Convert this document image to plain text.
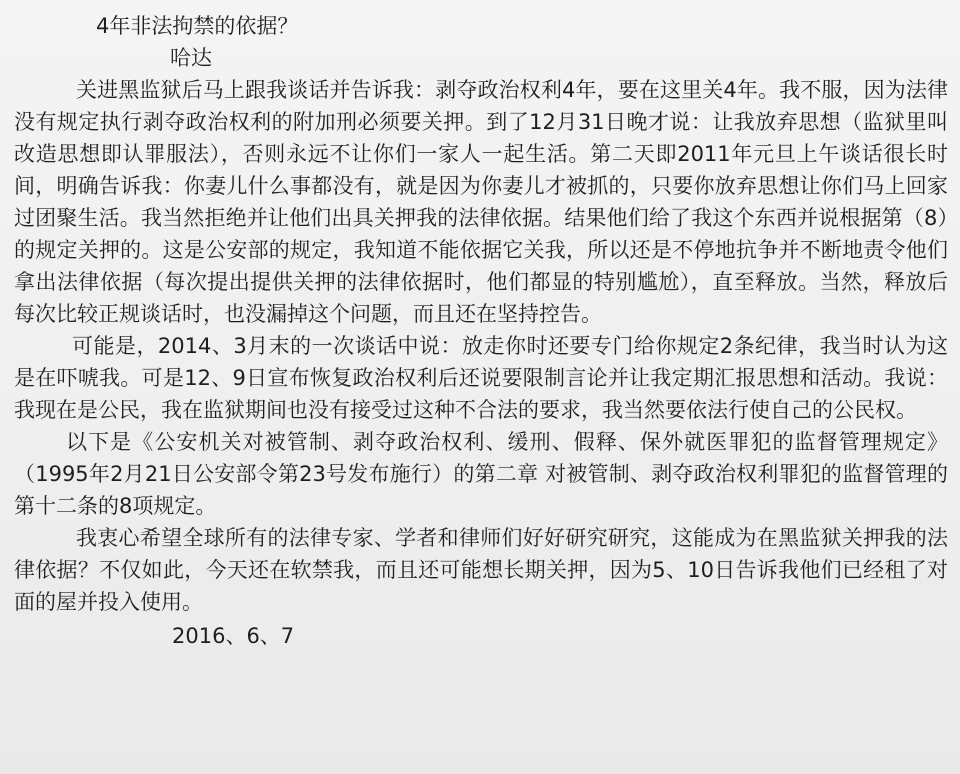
4年非法拘禁的依据？
哈达

关进黑监狱后马上跟我谈话并告诉我：剥夺政治权利4年，要在这里关4年。我不服，因为法律没有规定执行剥夺政治权利的附加刑必须要关押。到了12月31日晚才说：让我放弃思想（监狱里叫改造思想即认罪服法），否则永远不让你们一家人一起生活。第二天即2011年元旦上午谈话很长时间，明确告诉我：你妻儿什么事都没有，就是因为你妻儿才被抓的，只要你放弃思想让你们马上回家过团聚生活。我当然拒绝并让他们出具关押我的法律依据。结果他们给了我这个东西并说根据第（8）的规定关押的。这是公安部的规定，我知道不能依据它关我，所以还是不停地抗争并不断地责令他们拿出法律依据（每次提出提供关押的法律依据时，他们都显的特别尴尬），直至释放。当然，释放后每次比较正规谈话时，也没漏掉这个问题，而且还在坚持控告。

可能是，2014、3月末的一次谈话中说：放走你时还要专门给你规定2条纪律，我当时认为这是在吓唬我。可是12、9日宣布恢复政治权利后还说要限制言论并让我定期汇报思想和活动。我说：我现在是公民，我在监狱期间也没有接受过这种不合法的要求，我当然要依法行使自己的公民权。

以下是《公安机关对被管制、剥夺政治权利、缓刑、假释、保外就医罪犯的监督管理规定》（1995年2月21日公安部令第23号发布施行）的第二章 对被管制、剥夺政治权利罪犯的监督管理的第十二条的8项规定。

我衷心希望全球所有的法律专家、学者和律师们好好研究研究，这能成为在黑监狱关押我的法律依据？不仅如此，今天还在软禁我，而且还可能想长期关押，因为5、10日告诉我他们已经租了对面的屋并投入使用。

2016、6、7
